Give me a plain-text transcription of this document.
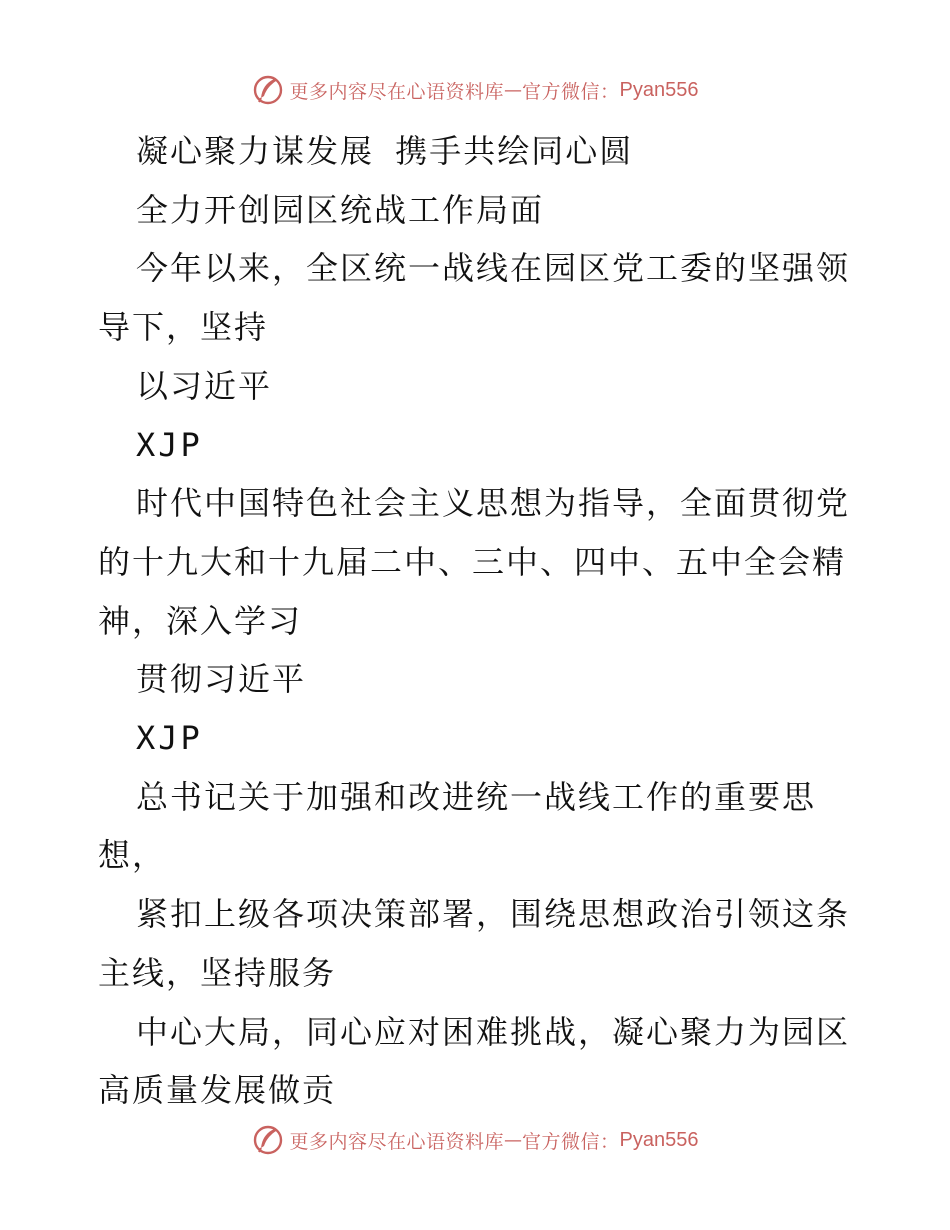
更多内容尽在心语资料库 — 官方微信： Pyan556

凝心聚力谋发展 携手共绘同心圆

全力开创园区统战工作局面

今年以来，全区统一战线在园区党工委的坚强领导下，坚持

以习近平

XJP

时代中国特色社会主义思想为指导，全面贯彻党的十九大和十九届二中、三中、四中、五中全会精神，深入学习

贯彻习近平

XJP

总书记关于加强和改进统一战线工作的重要思想，

紧扣上级各项决策部署，围绕思想政治引领这条主线，坚持服务

中心大局，同心应对困难挑战，凝心聚力为园区高质量发展做贡

更多内容尽在心语资料库 — 官方微信： Pyan556
